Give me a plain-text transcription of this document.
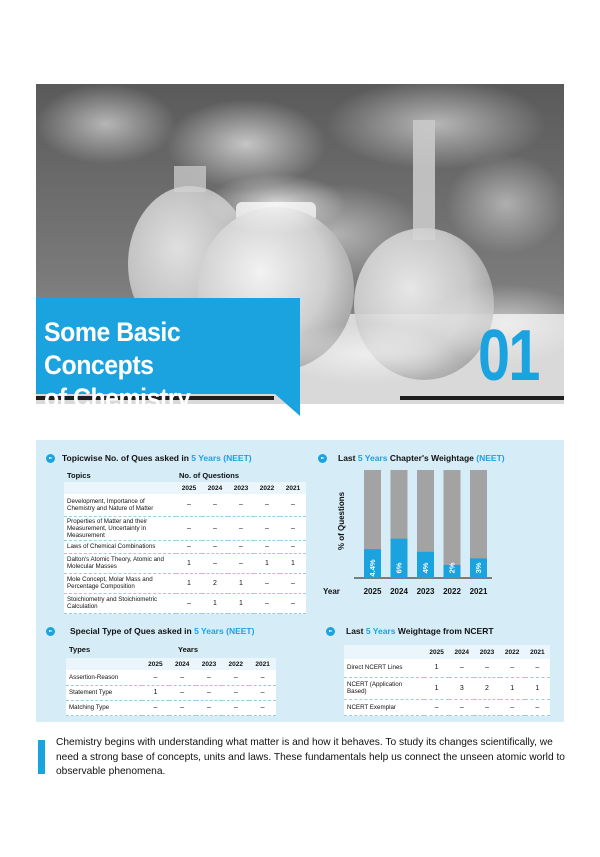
Some Basic Concepts
of Chemistry
01
Topicwise No. of Ques asked in 5 Years (NEET)
Topics	No. of Questions				
	2025	2024	2023	2022	2021
Development, Importance of Chemistry and Nature of Matter	–	–	–	–	–
Properties of Matter and their Measurement, Uncertainty in Measurement	–	–	–	–	–
Laws of Chemical Combinations	–	–	–	–	–
Dalton's Atomic Theory, Atomic and Molecular Masses	1	–	–	1	1
Mole Concept, Molar Mass and Percentage Composition	1	2	1	–	–
Stoichiometry and Stoichiometric Calculation	–	1	1	–	–
Last 5 Years Chapter's Weightage (NEET)
% of Questions
Year
4.4%
2025
6%
2024
4%
2023
2%
2022
3%
2021
Special Type of Ques asked in 5 Years (NEET)
Types	Years				
	2025	2024	2023	2022	2021
Assertion-Reason	–	–	–	–	–
Statement Type	1	–	–	–	–
Matching Type	–	–	–	–	–
Last 5 Years Weightage from NCERT
	2025	2024	2023	2022	2021
Direct NCERT Lines	1	–	–	–	–
NCERT (Application Based)	1	3	2	1	1
NCERT Exemplar	–	–	–	–	–

Chemistry begins with understanding what matter is and how it behaves. To study its changes scientifically, we need a strong base of concepts, units and laws. These fundamentals help us connect the unseen atomic world to observable phenomena.
